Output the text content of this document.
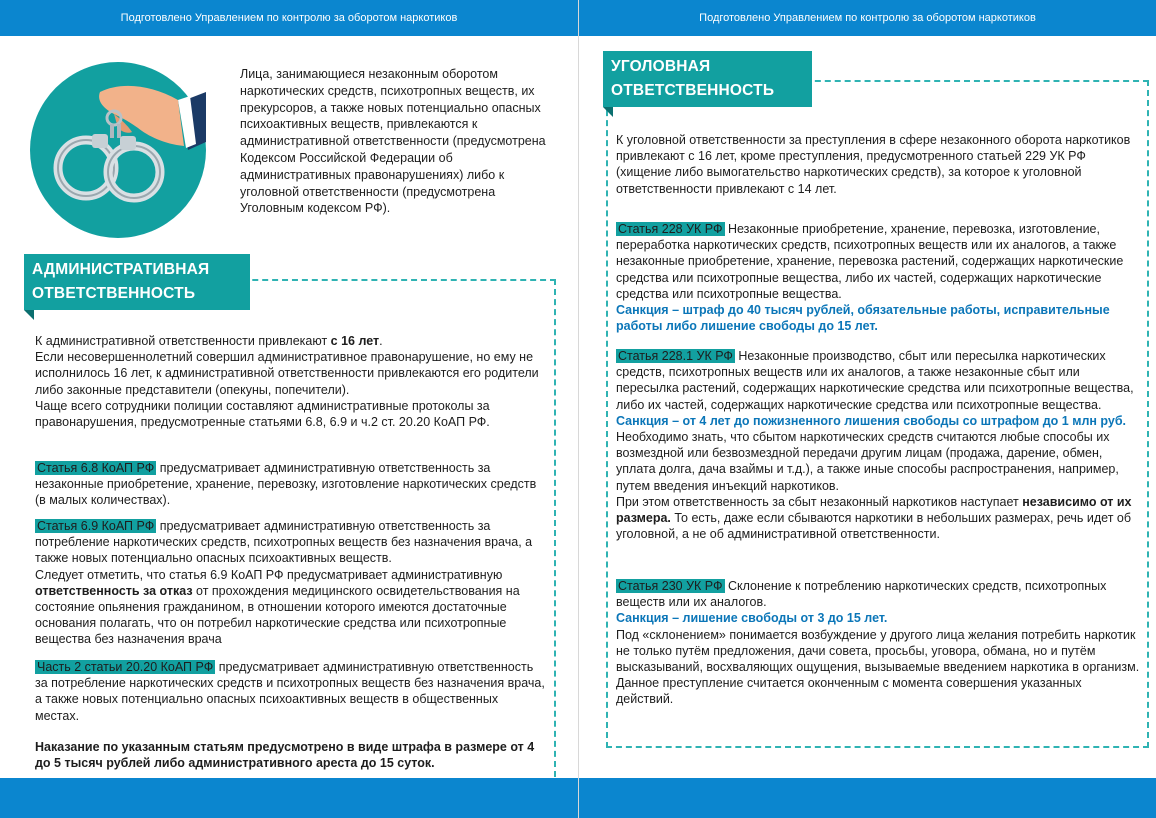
Подготовлено Управлением по контролю за оборотом наркотиков
Лица, занимающиеся незаконным оборотом наркотических средств, психотропных веществ, их прекурсоров, а также новых потенциально опасных психоактивных веществ, привлекаются к административной ответственности (предусмотрена Кодексом Российской Федерации об административных правонарушениях) либо к уголовной ответственности (предусмотрена Уголовным кодексом РФ).
АДМИНИСТРАТИВНАЯ
ОТВЕТСТВЕННОСТЬ

К административной ответственности привлекают с 16 лет.

Если несовершеннолетний совершил административное правонарушение, но ему не исполнилось 16 лет, к административной ответственности привлекаются его родители либо законные представители (опекуны, попечители).

Чаще всего сотрудники полиции составляют административные протоколы за правонарушения, предусмотренные статьями 6.8, 6.9 и ч.2 ст. 20.20 КоАП РФ.

Статья 6.8 КоАП РФ предусматривает административную ответственность за незаконные приобретение, хранение, перевозку, изготовление наркотических средств (в малых количествах).

Статья 6.9 КоАП РФ предусматривает административную ответственность за потребление наркотических средств, психотропных веществ без назначения врача, а также новых потенциально опасных психоактивных веществ.

Следует отметить, что статья 6.9 КоАП РФ предусматривает административную ответственность за отказ от прохождения медицинского освидетельствования на состояние опьянения гражданином, в отношении которого имеются достаточные основания полагать, что он потребил наркотические средства или психотропные вещества без назначения врача

Часть 2 статьи 20.20 КоАП РФ предусматривает административную ответственность за потребление наркотических средств и психотропных веществ без назначения врача, а также новых потенциально опасных психоактивных веществ в общественных местах.
Наказание по указанным статьям предусмотрено в виде штрафа в размере от 4 до 5 тысяч рублей либо административного ареста до 15 суток.
Подготовлено Управлением по контролю за оборотом наркотиков
УГОЛОВНАЯ
ОТВЕТСТВЕННОСТЬ
К уголовной ответственности за преступления в сфере незаконного оборота наркотиков привлекают с 16 лет, кроме преступления, предусмотренного статьей 229 УК РФ (хищение либо вымогательство наркотических средств), за которое к уголовной ответственности привлекают с 14 лет.

Статья 228 УК РФ Незаконные приобретение, хранение, перевозка, изготовление, переработка наркотических средств, психотропных веществ или их аналогов, а также незаконные приобретение, хранение, перевозка растений, содержащих наркотические средства или психотропные вещества, либо их частей, содержащих наркотические средства или психотропные вещества.

Санкция – штраф до 40 тысяч рублей, обязательные работы, исправительные работы либо лишение свободы до 15 лет.

Статья 228.1 УК РФ Незаконные производство, сбыт или пересылка наркотических средств, психотропных веществ или их аналогов, а также незаконные сбыт или пересылка растений, содержащих наркотические средства или психотропные вещества, либо их частей, содержащих наркотические средства или психотропные вещества.

Санкция – от 4 лет до пожизненного лишения свободы со штрафом до 1 млн руб.

Необходимо знать, что сбытом наркотических средств считаются любые способы их возмездной или безвозмездной передачи другим лицам (продажа, дарение, обмен, уплата долга, дача взаймы и т.д.), а также иные способы распространения, например, путем введения инъекций наркотиков.

При этом ответственность за сбыт незаконный наркотиков наступает независимо от их размера. То есть, даже если сбываются наркотики в небольших размерах, речь идет об уголовной, а не об административной ответственности.

Статья 230 УК РФ Склонение к потреблению наркотических средств, психотропных веществ или их аналогов.

Санкция – лишение свободы от 3 до 15 лет.

Под «склонением» понимается возбуждение у другого лица желания потребить наркотик не только путём предложения, дачи совета, просьбы, уговора, обмана, но и путём высказываний, восхваляющих ощущения, вызываемые введением наркотика в организм.

Данное преступление считается оконченным с момента совершения указанных действий.
